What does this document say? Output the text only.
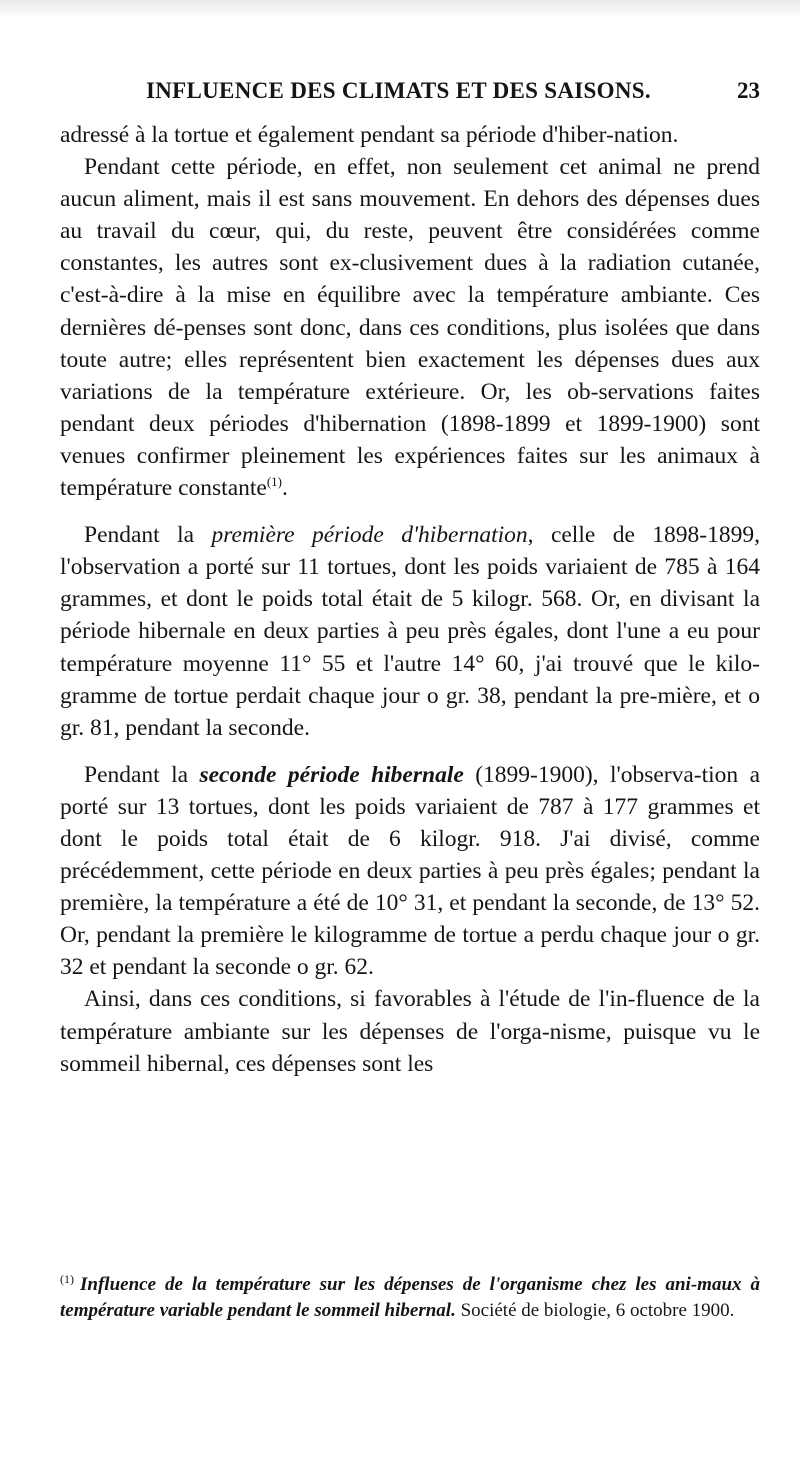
INFLUENCE DES CLIMATS ET DES SAISONS.	23

adressé à la tortue et également pendant sa période d'hiber-nation.

Pendant cette période, en effet, non seulement cet animal ne prend aucun aliment, mais il est sans mouvement. En dehors des dépenses dues au travail du cœur, qui, du reste, peuvent être considérées comme constantes, les autres sont ex-clusivement dues à la radiation cutanée, c'est-à-dire à la mise en équilibre avec la température ambiante. Ces dernières dé-penses sont donc, dans ces conditions, plus isolées que dans toute autre; elles représentent bien exactement les dépenses dues aux variations de la température extérieure. Or, les ob-servations faites pendant deux périodes d'hibernation (1898-1899 et 1899-1900) sont venues confirmer pleinement les expériences faites sur les animaux à température constante$^{(1)}$.

Pendant la première période d'hibernation, celle de 1898-1899, l'observation a porté sur 11 tortues, dont les poids variaient de 785 à 164 grammes, et dont le poids total était de 5 kilogr. 568. Or, en divisant la période hibernale en deux parties à peu près égales, dont l'une a eu pour température moyenne 11° 55 et l'autre 14° 60, j'ai trouvé que le kilo-gramme de tortue perdait chaque jour o gr. 38, pendant la pre-mière, et o gr. 81, pendant la seconde.

Pendant la seconde période hibernale (1899-1900), l'observa-tion a porté sur 13 tortues, dont les poids variaient de 787 à 177 grammes et dont le poids total était de 6 kilogr. 918. J'ai divisé, comme précédemment, cette période en deux parties à peu près égales; pendant la première, la température a été de 10° 31, et pendant la seconde, de 13° 52. Or, pendant la première le kilogramme de tortue a perdu chaque jour o gr. 32 et pendant la seconde o gr. 62.

Ainsi, dans ces conditions, si favorables à l'étude de l'in-fluence de la température ambiante sur les dépenses de l'orga-nisme, puisque vu le sommeil hibernal, ces dépenses sont les

$^{(1)}$ Influence de la température sur les dépenses de l'organisme chez les ani-maux à température variable pendant le sommeil hibernal. Société de biologie, 6 octobre 1900.
